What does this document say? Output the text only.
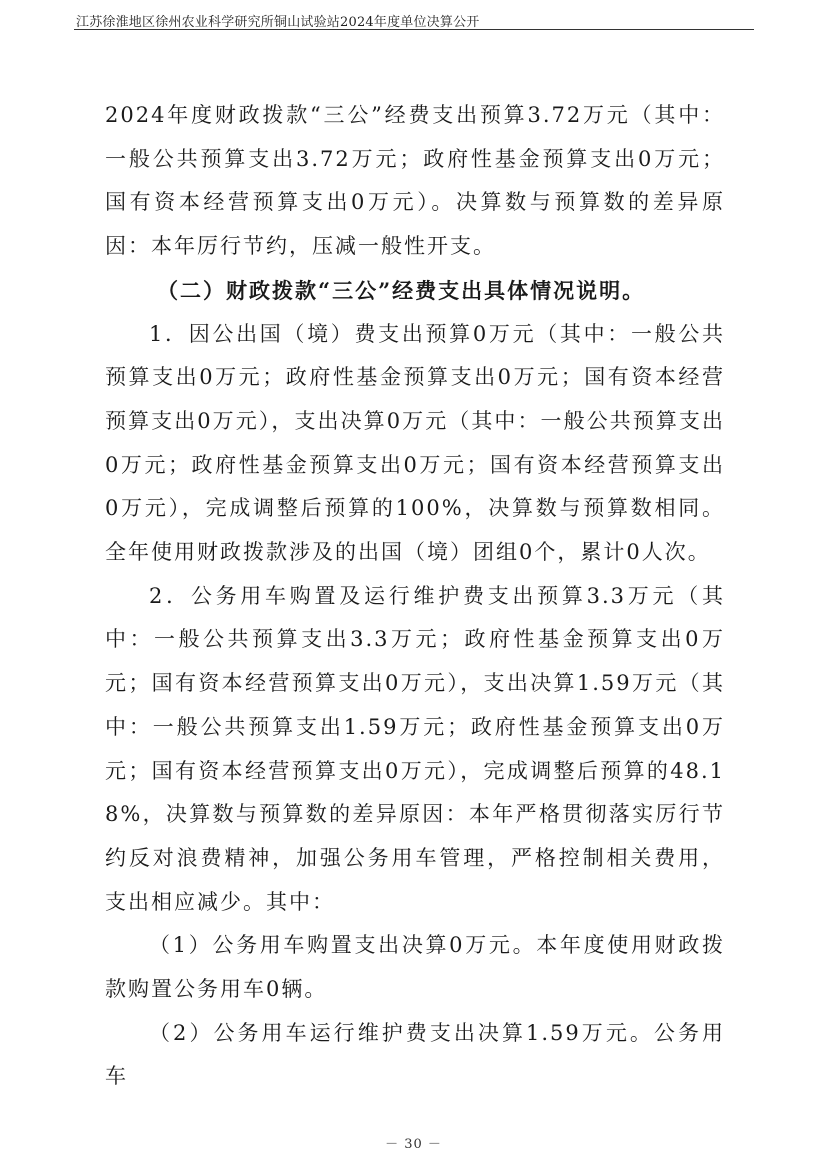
江苏徐淮地区徐州农业科学研究所铜山试验站2024年度单位决算公开

2024年度财政拨款“三公”经费支出预算3.72万元（其中：一般公共预算支出3.72万元；政府性基金预算支出0万元；国有资本经营预算支出0万元）。决算数与预算数的差异原因：本年厉行节约，压减一般性开支。

（二）财政拨款“三公”经费支出具体情况说明。

1．因公出国（境）费支出预算0万元（其中：一般公共预算支出0万元；政府性基金预算支出0万元；国有资本经营预算支出0万元），支出决算0万元（其中：一般公共预算支出0万元；政府性基金预算支出0万元；国有资本经营预算支出0万元），完成调整后预算的100%，决算数与预算数相同。全年使用财政拨款涉及的出国（境）团组0个，累计0人次。

2．公务用车购置及运行维护费支出预算3.3万元（其中：一般公共预算支出3.3万元；政府性基金预算支出0万元；国有资本经营预算支出0万元），支出决算1.59万元（其中：一般公共预算支出1.59万元；政府性基金预算支出0万元；国有资本经营预算支出0万元），完成调整后预算的48.18%，决算数与预算数的差异原因：本年严格贯彻落实厉行节约反对浪费精神，加强公务用车管理，严格控制相关费用，支出相应减少。其中：

（1）公务用车购置支出决算0万元。本年度使用财政拨款购置公务用车0辆。

（2）公务用车运行维护费支出决算1.59万元。公务用车

－ 30 －
